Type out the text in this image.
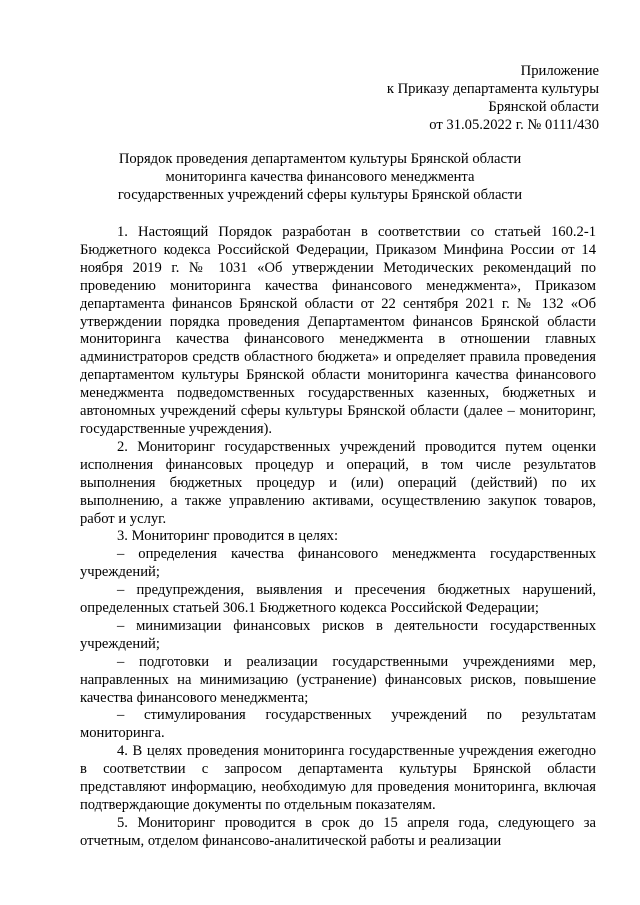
Приложение
к Приказу департамента культуры
Брянской области
от 31.05.2022 г. № 0111/430
Порядок проведения департаментом культуры Брянской области
мониторинга качества финансового менеджмента
государственных учреждений сферы культуры Брянской области

1. Настоящий Порядок разработан в соответствии со статьей 160.2-1 Бюджетного кодекса Российской Федерации, Приказом Минфина России от 14 ноября 2019 г. № 1031 «Об утверждении Методических рекомендаций по проведению мониторинга качества финансового менеджмента», Приказом департамента финансов Брянской области от 22 сентября 2021 г. № 132 «Об утверждении порядка проведения Департаментом финансов Брянской области мониторинга качества финансового менеджмента в отношении главных администраторов средств областного бюджета» и определяет правила проведения департаментом культуры Брянской области мониторинга качества финансового менеджмента подведомственных государственных казенных, бюджетных и автономных учреждений сферы культуры Брянской области (далее – мониторинг, государственные учреждения).

2. Мониторинг государственных учреждений проводится путем оценки исполнения финансовых процедур и операций, в том числе результатов выполнения бюджетных процедур и (или) операций (действий) по их выполнению, а также управлению активами, осуществлению закупок товаров, работ и услуг.

3. Мониторинг проводится в целях:

– определения качества финансового менеджмента государственных учреждений;

– предупреждения, выявления и пресечения бюджетных нарушений, определенных статьей 306.1 Бюджетного кодекса Российской Федерации;

– минимизации финансовых рисков в деятельности государственных учреждений;

– подготовки и реализации государственными учреждениями мер, направленных на минимизацию (устранение) финансовых рисков, повышение качества финансового менеджмента;

– стимулирования государственных учреждений по результатам мониторинга.

4. В целях проведения мониторинга государственные учреждения ежегодно в соответствии с запросом департамента культуры Брянской области представляют информацию, необходимую для проведения мониторинга, включая подтверждающие документы по отдельным показателям.

5. Мониторинг проводится в срок до 15 апреля года, следующего за отчетным, отделом финансово-аналитической работы и реализации
